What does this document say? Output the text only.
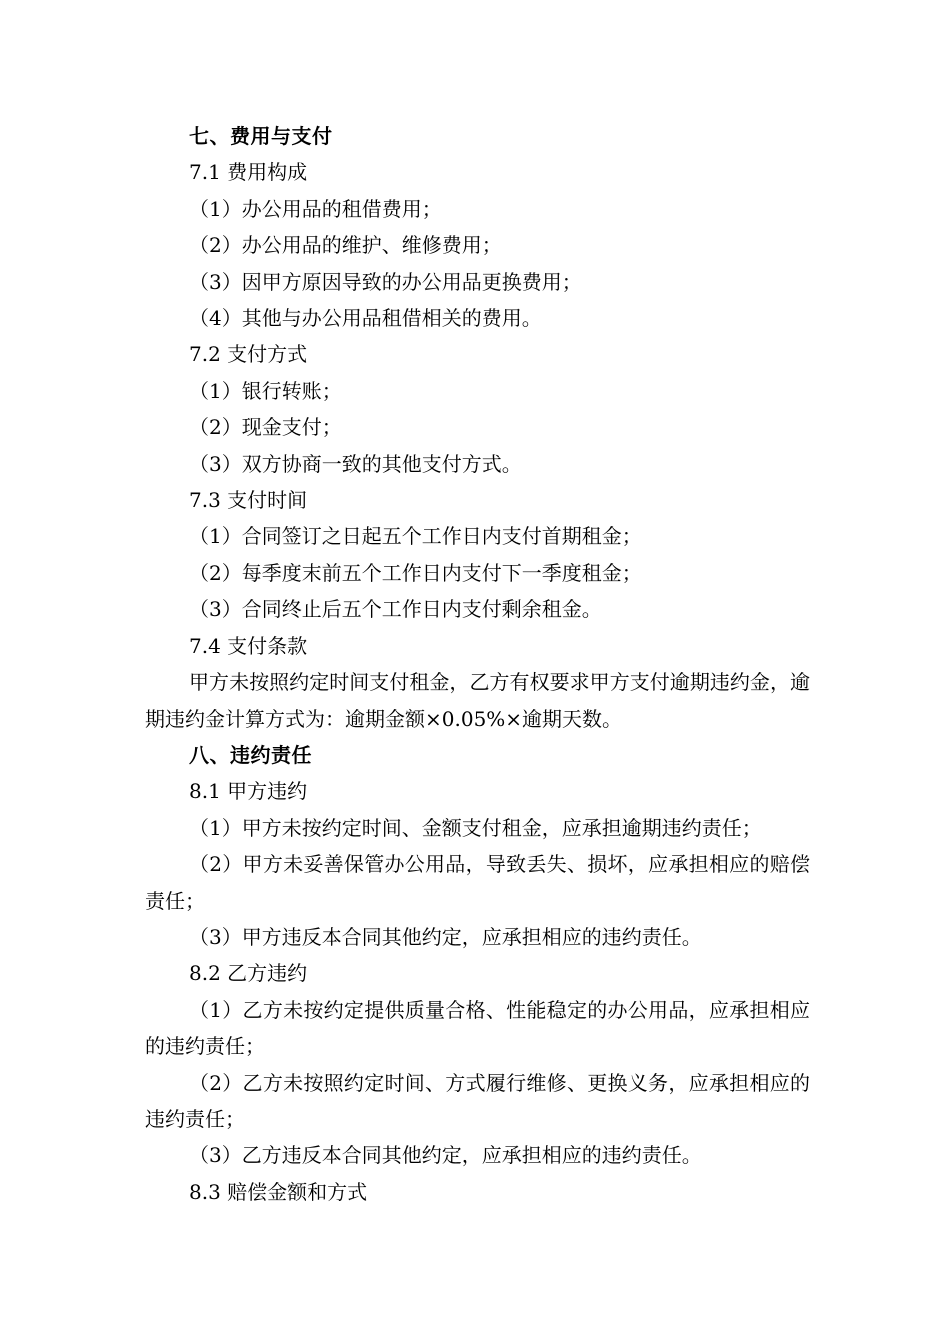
七、费用与支付

7.1 费用构成

（1）办公用品的租借费用；

（2）办公用品的维护、维修费用；

（3）因甲方原因导致的办公用品更换费用；

（4）其他与办公用品租借相关的费用。

7.2 支付方式

（1）银行转账；

（2）现金支付；

（3）双方协商一致的其他支付方式。

7.3 支付时间

（1）合同签订之日起五个工作日内支付首期租金；

（2）每季度末前五个工作日内支付下一季度租金；

（3）合同终止后五个工作日内支付剩余租金。

7.4 支付条款

甲方未按照约定时间支付租金，乙方有权要求甲方支付逾期违约金，逾期违约金计算方式为：逾期金额×0.05%×逾期天数。

八、违约责任

8.1 甲方违约

（1）甲方未按约定时间、金额支付租金，应承担逾期违约责任；

（2）甲方未妥善保管办公用品，导致丢失、损坏，应承担相应的赔偿责任；

（3）甲方违反本合同其他约定，应承担相应的违约责任。

8.2 乙方违约

（1）乙方未按约定提供质量合格、性能稳定的办公用品，应承担相应的违约责任；

（2）乙方未按照约定时间、方式履行维修、更换义务，应承担相应的违约责任；

（3）乙方违反本合同其他约定，应承担相应的违约责任。

8.3 赔偿金额和方式
